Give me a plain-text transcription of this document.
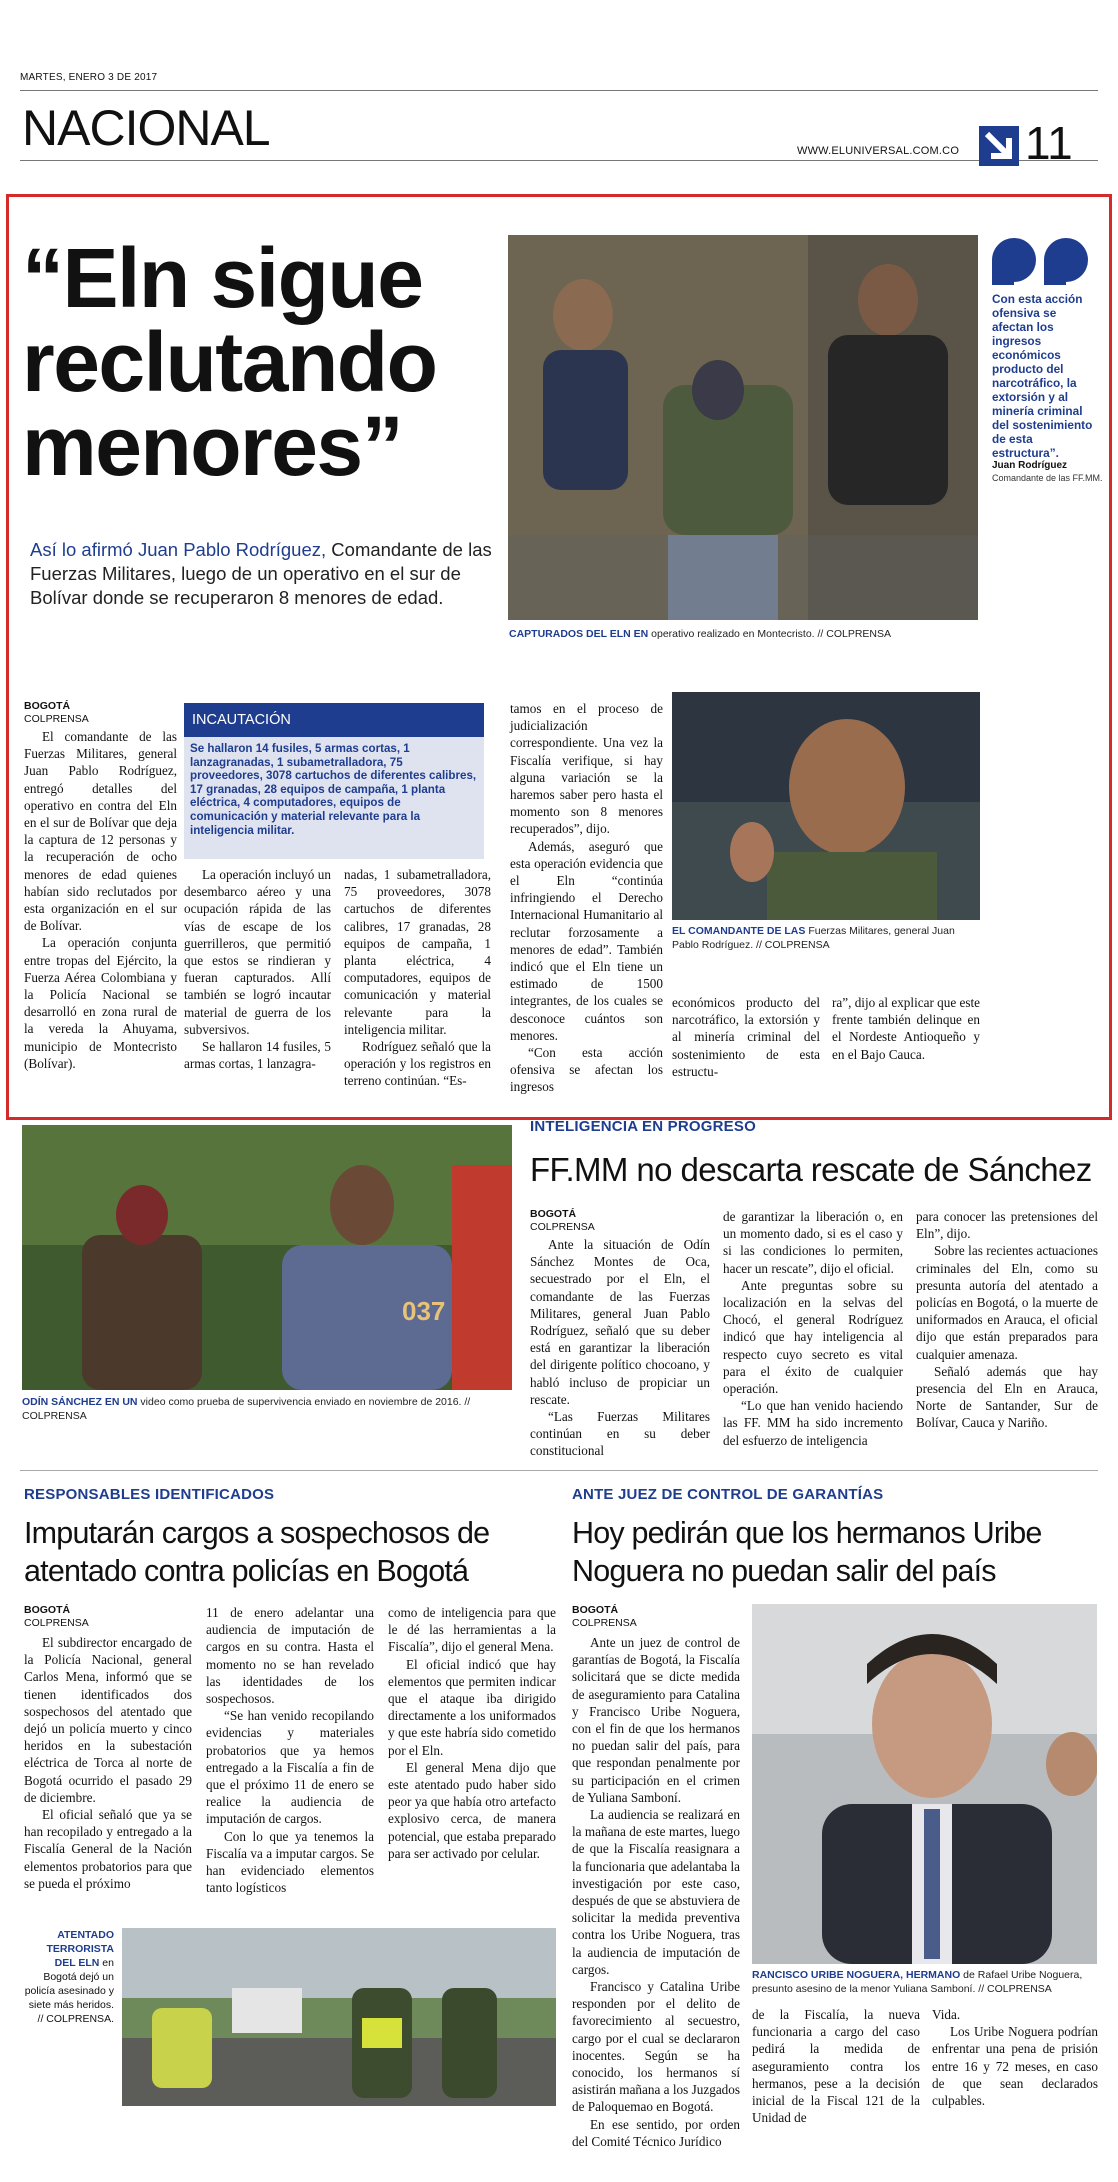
MARTES, ENERO 3 DE 2017
NACIONAL	WWW.ELUNIVERSAL.COM.CO 11
“Eln sigue reclutando menores”
Así lo afirmó Juan Pablo Rodríguez, Comandante de las Fuerzas Militares, luego de un operativo en el sur de Bolívar donde se recuperaron 8 menores de edad.
CAPTURADOS DEL ELN EN operativo realizado en Montecristo. // COLPRENSA
Con esta acción ofensiva se afectan los ingresos económicos producto del narcotráfico, la extorsión y al minería criminal del sostenimiento de esta estructura”.
Juan Rodríguez
Comandante de las FF.MM.
BOGOTÁ
COLPRENSA

El comandante de las Fuerzas Militares, general Juan Pablo Rodríguez, entregó detalles del operativo en contra del Eln en el sur de Bolívar que deja la captura de 12 personas y la recuperación de ocho menores de edad quienes habían sido reclutados por esta organización en el sur de Bolívar.

La operación conjunta entre tropas del Ejército, la Fuerza Aérea Colombiana y la Policía Nacional se desarrolló en zona rural de la vereda la Ahuyama, municipio de Montecristo (Bolívar).

INCAUTACIÓN
Se hallaron 14 fusiles, 5 armas cortas, 1 lanzagranadas, 1 subametralladora, 75 proveedores, 3078 cartuchos de diferentes calibres, 17 granadas, 28 equipos de campaña, 1 planta eléctrica, 4 computadores, equipos de comunicación y material relevante para la inteligencia militar.

La operación incluyó un desembarco aéreo y una ocupación rápida de las vías de escape de los guerrilleros, que permitió que estos se rindieran y fueran capturados. Allí también se logró incautar material de guerra de los subversivos.

Se hallaron 14 fusiles, 5 armas cortas, 1 lanzagra-

nadas, 1 subametralladora, 75 proveedores, 3078 cartuchos de diferentes calibres, 17 granadas, 28 equipos de campaña, 1 planta eléctrica, 4 computadores, equipos de comunicación y material relevante para la inteligencia militar.

Rodríguez señaló que la operación y los registros en terreno continúan. “Es-

tamos en el proceso de judicialización correspondiente. Una vez la Fiscalía verifique, si hay alguna variación se la haremos saber pero hasta el momento son 8 menores recuperados”, dijo.

Además, aseguró que esta operación evidencia que el Eln “continúa infringiendo el Derecho Internacional Humanitario al reclutar forzosamente a menores de edad”. También indicó que el Eln tiene un estimado de 1500 integrantes, de los cuales se desconoce cuántos son menores.

“Con esta acción ofensiva se afectan los ingresos

EL COMANDANTE DE LAS Fuerzas Militares, general Juan Pablo Rodríguez. // COLPRENSA

económicos producto del narcotráfico, la extorsión y al minería criminal del sostenimiento de esta estructu-

ra”, dijo al explicar que este frente también delinque en el Nordeste Antioqueño y en el Bajo Cauca.

037
ODÍN SÁNCHEZ EN UN video como prueba de supervivencia enviado en noviembre de 2016. // COLPRENSA
INTELIGENCIA EN PROGRESO
FF.MM no descarta rescate de Sánchez
BOGOTÁ
COLPRENSA

Ante la situación de Odín Sánchez Montes de Oca, secuestrado por el Eln, el comandante de las Fuerzas Militares, general Juan Pablo Rodríguez, señaló que su deber está en garantizar la liberación del dirigente político chocoano, y habló incluso de propiciar un rescate.

“Las Fuerzas Militares continúan en su deber constitucional

de garantizar la liberación o, en un momento dado, si es el caso y si las condiciones lo permiten, hacer un rescate”, dijo el oficial.

Ante preguntas sobre su localización en la selvas del Chocó, el general Rodríguez indicó que hay inteligencia al respecto cuyo secreto es vital para el éxito de cualquier operación.

“Lo que han venido haciendo las FF. MM ha sido incremento del esfuerzo de inteligencia

para conocer las pretensiones del Eln”, dijo.

Sobre las recientes actuaciones criminales del Eln, como su presunta autoría del atentado a policías en Bogotá, o la muerte de uniformados en Arauca, el oficial dijo que están preparados para cualquier amenaza.

Señaló además que hay presencia del Eln en Arauca, Norte de Santander, Sur de Bolívar, Cauca y Nariño.

RESPONSABLES IDENTIFICADOS
Imputarán cargos a sospechosos de atentado contra policías en Bogotá
BOGOTÁ
COLPRENSA

El subdirector encargado de la Policía Nacional, general Carlos Mena, informó que se tienen identificados dos sospechosos del atentado que dejó un policía muerto y cinco heridos en la subestación eléctrica de Torca al norte de Bogotá ocurrido el pasado 29 de diciembre.

El oficial señaló que ya se han recopilado y entregado a la Fiscalía General de la Nación elementos probatorios para que se pueda el próximo

11 de enero adelantar una audiencia de imputación de cargos en su contra. Hasta el momento no se han revelado las identidades de los sospechosos.

“Se han venido recopilando evidencias y materiales probatorios que ya hemos entregado a la Fiscalía a fin de que el próximo 11 de enero se realice la audiencia de imputación de cargos.

Con lo que ya tenemos la Fiscalía va a imputar cargos. Se han evidenciado elementos tanto logísticos

como de inteligencia para que le dé las herramientas a la Fiscalía”, dijo el general Mena.

El oficial indicó que hay elementos que permiten indicar que el ataque iba dirigido directamente a los uniformados y que este habría sido cometido por el Eln.

El general Mena dijo que este atentado pudo haber sido peor ya que había otro artefacto explosivo cerca, de manera potencial, que estaba preparado para ser activado por celular.

ATENTADO TERRORISTA DEL ELN en Bogotá dejó un policía asesinado y siete más heridos. // COLPRENSA.
ANTE JUEZ DE CONTROL DE GARANTÍAS
Hoy pedirán que los hermanos Uribe Noguera no puedan salir del país
BOGOTÁ
COLPRENSA

Ante un juez de control de garantías de Bogotá, la Fiscalía solicitará que se dicte medida de aseguramiento para Catalina y Francisco Uribe Noguera, con el fin de que los hermanos no puedan salir del país, para que respondan penalmente por su participación en el crimen de Yuliana Samboní.

La audiencia se realizará en la mañana de este martes, luego de que la Fiscalía reasignara a la funcionaria que adelantaba la investigación por este caso, después de que se abstuviera de solicitar la medida preventiva contra los Uribe Noguera, tras la audiencia de imputación de cargos.

Francisco y Catalina Uribe responden por el delito de favorecimiento al secuestro, cargo por el cual se declararon inocentes. Según se ha conocido, los hermanos sí asistirán mañana a los Juzgados de Paloquemao en Bogotá.

En ese sentido, por orden del Comité Técnico Jurídico

RANCISCO URIBE NOGUERA, HERMANO de Rafael Uribe Noguera, presunto asesino de la menor Yuliana Samboní. // COLPRENSA

de la Fiscalía, la nueva funcionaria a cargo del caso pedirá la medida de aseguramiento contra los hermanos, pese a la decisión inicial de la Fiscal 121 de la Unidad de

Vida.

Los Uribe Noguera podrían enfrentar una pena de prisión entre 16 y 72 meses, en caso de que sean declarados culpables.
